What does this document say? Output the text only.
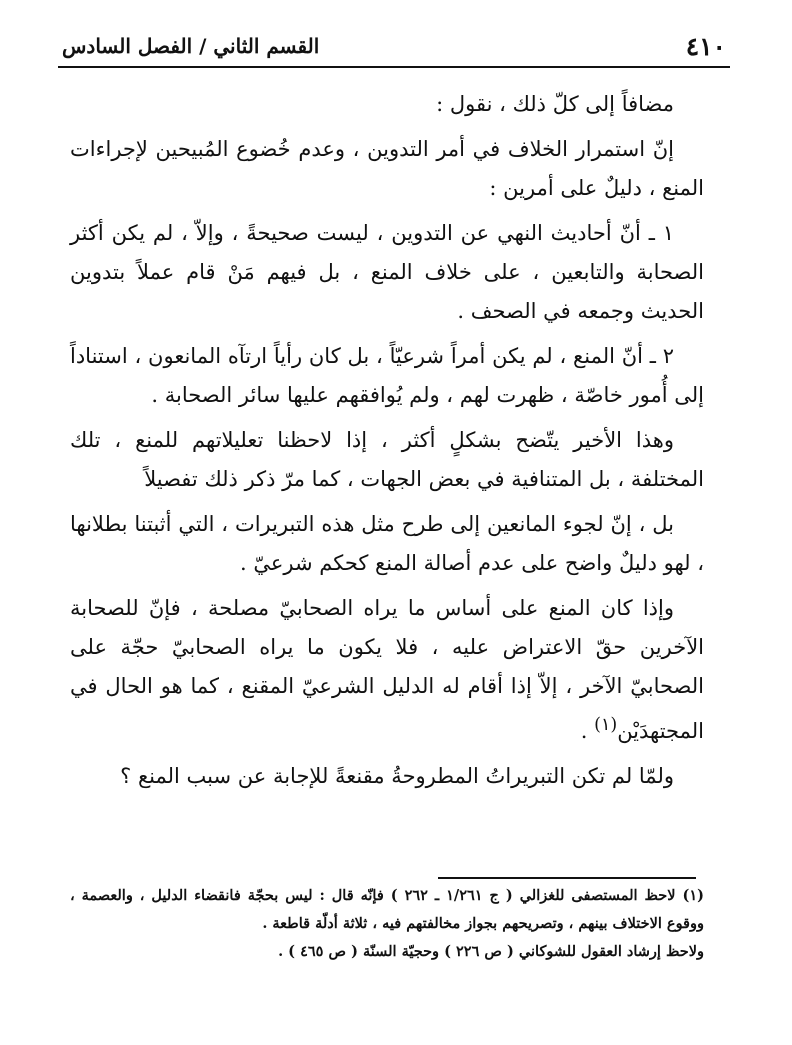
٤١٠
القسم الثاني / الفصل السادس

مضافاً إلى كلّ ذلك ، نقول :

إنّ استمرار الخلاف في أمر التدوين ، وعدم خُضوع المُبيحين لإجراءات المنع ، دليلٌ على أمرين :

١ ـ أنّ أحاديث النهي عن التدوين ، ليست صحيحةً ، وإلاّ ، لم يكن أكثر الصحابة والتابعين ، على خلاف المنع ، بل فيهم مَنْ قام عملاً بتدوين الحديث وجمعه في الصحف .

٢ ـ أنّ المنع ، لم يكن أمراً شرعيّاً ، بل كان رأياً ارتآه المانعون ، استناداً إلى أُمور خاصّة ، ظهرت لهم ، ولم يُوافقهم عليها سائر الصحابة .

وهذا الأخير يتّضح بشكلٍ أكثر ، إذا لاحظنا تعليلاتهم للمنع ، تلك المختلفة ، بل المتنافية في بعض الجهات ، كما مرّ ذكر ذلك تفصيلاً

بل ، إنّ لجوء المانعين إلى طرح مثل هذه التبريرات ، التي أثبتنا بطلانها ، لهو دليلٌ واضح على عدم أصالة المنع كحكم شرعيّ .

وإذا كان المنع على أساس ما يراه الصحابيّ مصلحة ، فإنّ للصحابة الآخرين حقّ الاعتراض عليه ، فلا يكون ما يراه الصحابيّ حجّة على الصحابيّ الآخر ، إلاّ إذا أقام له الدليل الشرعيّ المقنع ، كما هو الحال في المجتهدَيْن$^{(١)}$ .

ولمّا لم تكن التبريراتُ المطروحةُ مقنعةً للإجابة عن سبب المنع ؟

(١) لاحظ المستصفى للغزالي ( ج ١/٢٦١ ـ ٢٦٢ ) فإنّه قال : ليس بحجّة فانقضاء الدليل ، والعصمة ، ووقوع الاختلاف بينهم ، وتصريحهم بجواز مخالفتهم فيه ، ثلاثة أدلّة قاطعة .

ولاحظ إرشاد العقول للشوكاني ( ص ٢٢٦ ) وحجيّة السنّة ( ص ٤٦٥ ) .
